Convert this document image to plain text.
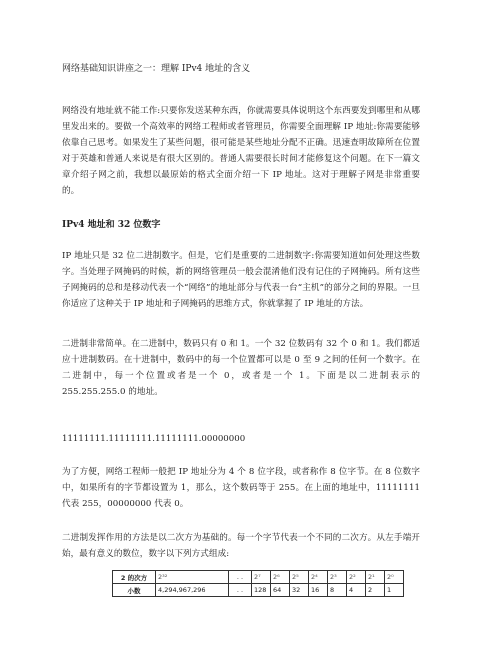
网络基础知识讲座之一：理解 IPv4 地址的含义

网络没有地址就不能工作:只要你发送某种东西，你就需要具体说明这个东西要发到哪里和从哪里发出来的。要做一个高效率的网络工程师或者管理员，你需要全面理解 IP 地址:你需要能够依靠自己思考。如果发生了某些问题，很可能是某些地址分配不正确。迅速查明故障所在位置对于英雄和普通人来说是有很大区别的。普通人需要很长时间才能修复这个问题。在下一篇文章介绍子网之前，我想以最原始的格式全面介绍一下 IP 地址。这对于理解子网是非常重要的。

IPv4 地址和 32 位数字

IP 地址只是 32 位二进制数字。但是，它们是重要的二进制数字:你需要知道如何处理这些数字。当处理子网掩码的时候，新的网络管理员一般会混淆他们没有记住的子网掩码。所有这些子网掩码的总和是移动代表一个“网络”的地址部分与代表一台“主机”的部分之间的界限。一旦你适应了这种关于 IP 地址和子网掩码的思维方式，你就掌握了 IP 地址的方法。

二进制非常简单。在二进制中，数码只有 0 和 1。一个 32 位数码有 32 个 0 和 1。我们都适应十进制数码。在十进制中，数码中的每一个位置都可以是 0 至 9 之间的任何一个数字。在二进制中，每一个位置或者是一个 0，或者是一个 1。下面是以二进制表示的 255.255.255.0 的地址。

11111111.11111111.11111111.00000000

为了方便，网络工程师一般把 IP 地址分为 4 个 8 位字段，或者称作 8 位字节。在 8 位数字中，如果所有的字节都设置为 1，那么，这个数码等于 255。在上面的地址中，11111111 代表 255，00000000 代表 0。

二进制发挥作用的方法是以二次方为基础的。每一个字节代表一个不同的二次方。从左手端开始，最有意义的数位，数字以下列方式组成:

2 的次方	2³²	. .	2⁷	2⁶	2⁵	2⁴	2³	2²	2¹	2⁰
小数	4,294,967,296	. .	128	64	32	16	8	4	2	1
